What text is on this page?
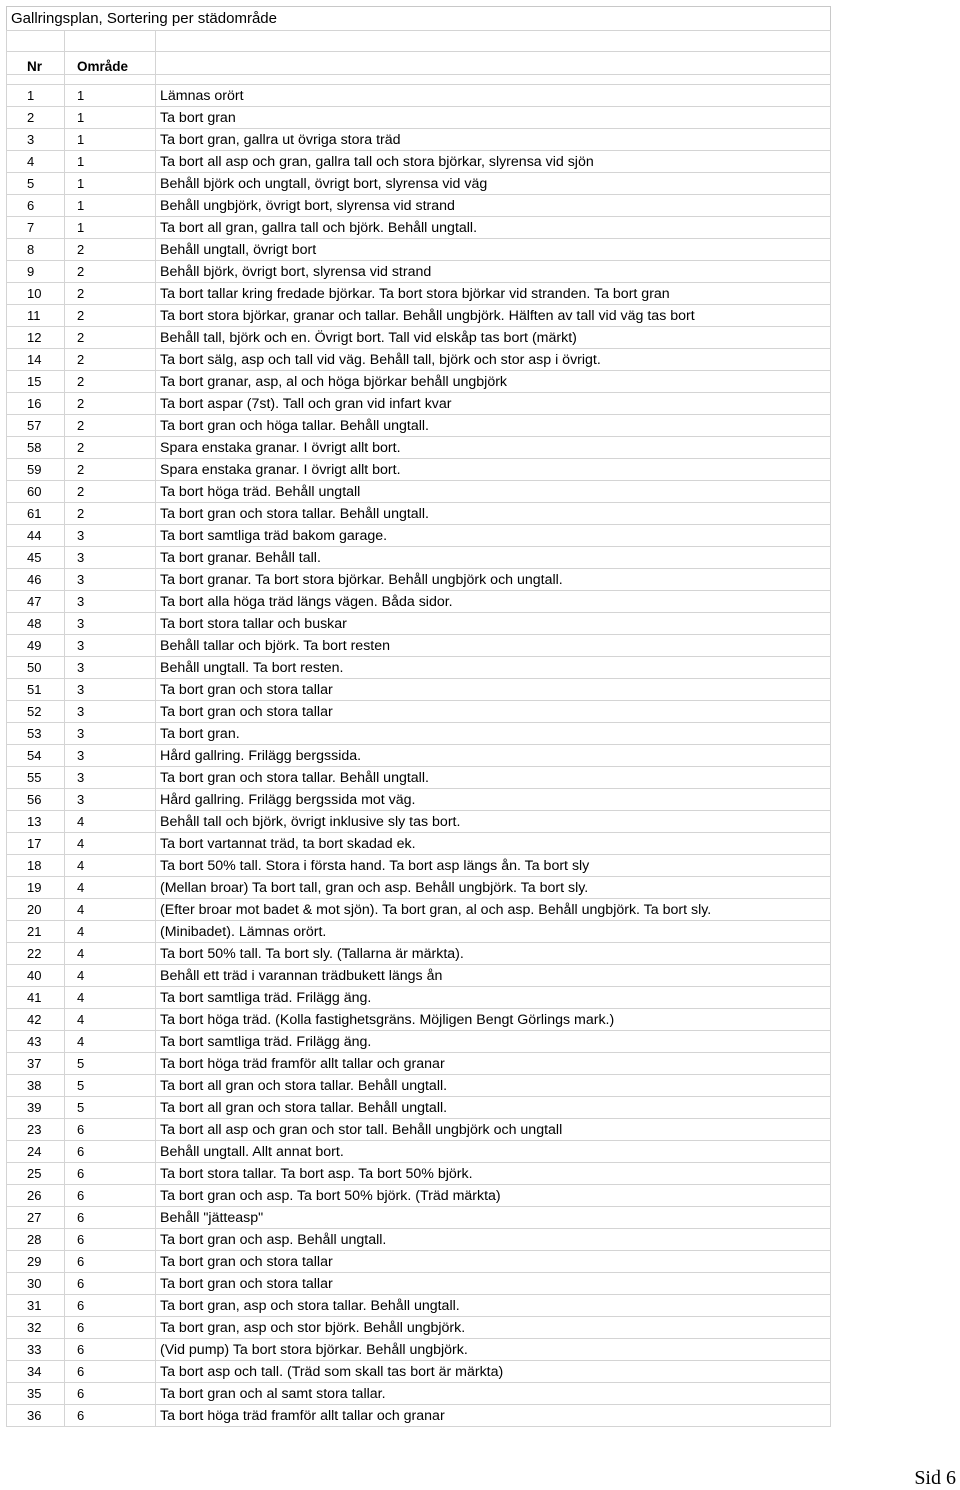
Gallringsplan, Sortering per städområde

Nr	Område	

1	1	Lämnas orört
2	1	Ta bort gran
3	1	Ta bort gran, gallra ut övriga stora träd
4	1	Ta bort all asp och gran, gallra tall och stora björkar, slyrensa vid sjön
5	1	Behåll björk och ungtall, övrigt bort, slyrensa vid väg
6	1	Behåll ungbjörk, övrigt bort, slyrensa vid strand
7	1	Ta bort all gran, gallra tall och björk. Behåll ungtall.
8	2	Behåll ungtall, övrigt bort
9	2	Behåll björk, övrigt bort, slyrensa vid strand
10	2	Ta bort tallar kring fredade björkar. Ta bort stora björkar vid stranden. Ta bort gran
11	2	Ta bort stora björkar, granar och tallar. Behåll ungbjörk. Hälften av tall vid väg tas bort
12	2	Behåll tall, björk och en. Övrigt bort. Tall vid elskåp tas bort (märkt)
14	2	Ta bort sälg, asp och tall vid väg. Behåll tall, björk och stor asp i övrigt.
15	2	Ta bort granar, asp, al och höga björkar behåll ungbjörk
16	2	Ta bort aspar (7st). Tall och gran vid infart kvar
57	2	Ta bort gran och höga tallar. Behåll ungtall.
58	2	Spara enstaka granar. I övrigt allt bort.
59	2	Spara enstaka granar. I övrigt allt bort.
60	2	Ta bort höga träd. Behåll ungtall
61	2	Ta bort gran och stora tallar. Behåll ungtall.
44	3	Ta bort samtliga träd bakom garage.
45	3	Ta bort granar. Behåll tall.
46	3	Ta bort granar. Ta bort stora björkar. Behåll ungbjörk och ungtall.
47	3	Ta bort alla höga träd längs vägen. Båda sidor.
48	3	Ta bort stora tallar och buskar
49	3	Behåll tallar och björk. Ta bort resten
50	3	Behåll ungtall. Ta bort resten.
51	3	Ta bort gran och stora tallar
52	3	Ta bort gran och stora tallar
53	3	Ta bort gran.
54	3	Hård gallring. Frilägg bergssida.
55	3	Ta bort gran och stora tallar. Behåll ungtall.
56	3	Hård gallring. Frilägg bergssida mot väg.
13	4	Behåll tall och björk, övrigt inklusive sly tas bort.
17	4	Ta bort vartannat träd, ta bort skadad ek.
18	4	Ta bort 50% tall. Stora i första hand. Ta bort asp längs ån. Ta bort sly
19	4	(Mellan broar) Ta bort tall, gran och asp. Behåll ungbjörk. Ta bort sly.
20	4	(Efter broar mot badet & mot sjön). Ta bort gran, al och asp. Behåll ungbjörk. Ta bort sly.
21	4	(Minibadet). Lämnas orört.
22	4	Ta bort 50% tall. Ta bort sly. (Tallarna är märkta).
40	4	Behåll ett träd i varannan trädbukett längs ån
41	4	Ta bort samtliga träd. Frilägg äng.
42	4	Ta bort höga träd. (Kolla fastighetsgräns. Möjligen Bengt Görlings mark.)
43	4	Ta bort samtliga träd. Frilägg äng.
37	5	Ta bort höga träd framför allt tallar och granar
38	5	Ta bort all gran och stora tallar. Behåll ungtall.
39	5	Ta bort all gran och stora tallar. Behåll ungtall.
23	6	Ta bort all asp och gran och stor tall. Behåll ungbjörk och ungtall
24	6	Behåll ungtall. Allt annat bort.
25	6	Ta bort stora tallar. Ta bort asp. Ta bort 50% björk.
26	6	Ta bort gran och asp. Ta bort 50% björk. (Träd märkta)
27	6	Behåll "jätteasp"
28	6	Ta bort gran och asp. Behåll ungtall.
29	6	Ta bort gran och stora tallar
30	6	Ta bort gran och stora tallar
31	6	Ta bort gran, asp och stora tallar. Behåll ungtall.
32	6	Ta bort gran, asp och stor björk. Behåll ungbjörk.
33	6	(Vid pump) Ta bort stora björkar. Behåll ungbjörk.
34	6	Ta bort asp och tall. (Träd som skall tas bort är märkta)
35	6	Ta bort gran och al samt stora tallar.
36	6	Ta bort höga träd framför allt tallar och granar
Sid 6
